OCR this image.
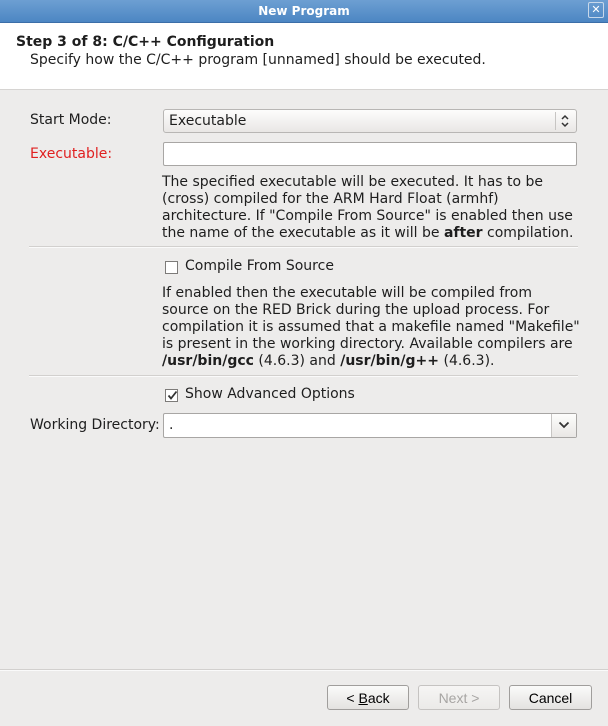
New Program	✕
Step 3 of 8: C/C++ Configuration
Specify how the C/C++ program [unnamed] should be executed.
Start Mode:	Executable
Executable:
The specified executable will be executed. It has to be (cross) compiled for the ARM Hard Float (armhf) architecture. If "Compile From Source" is enabled then use the name of the executable as it will be after compilation.
Compile From Source
If enabled then the executable will be compiled from source on the RED Brick during the upload process. For compilation it is assumed that a makefile named "Makefile" is present in the working directory. Available compilers are /usr/bin/gcc (4.6.3) and /usr/bin/g++ (4.6.3).
Show Advanced Options
Working Directory: .
< Back	Next >	Cancel
